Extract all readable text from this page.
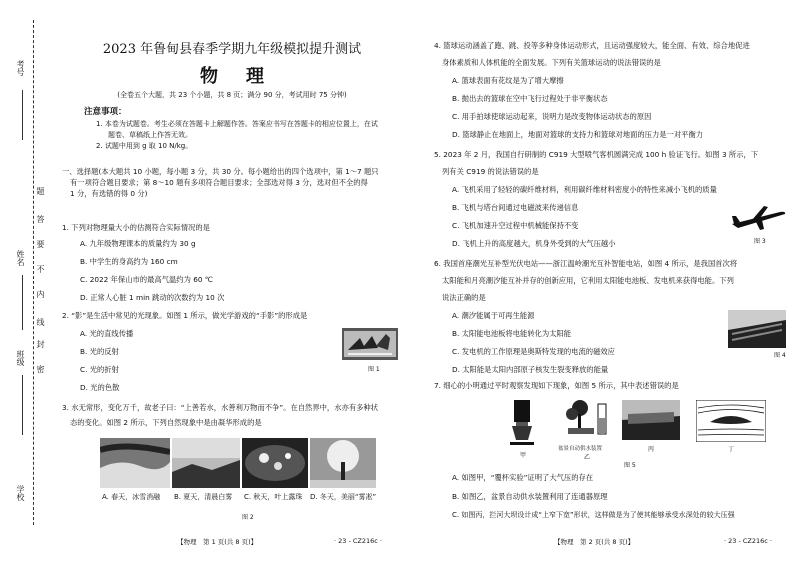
考号
姓名
班级
学校
题
答
要
不
内
线
封
密
2023 年鲁甸县春季学期九年级模拟提升测试
物理
(全卷五个大题，共 23 个小题，共 8 页；满分 90 分，考试用时 75 分钟)
注意事项：
1. 本卷为试题卷。考生必须在答题卡上解题作答。答案应书写在答题卡的相应位置上，在试
题卷、草稿纸上作答无效。
2. 试题中用到 g 取 10 N/kg。
一、选择题(本大题共 10 小题，每小题 3 分，共 30 分。每小题给出的四个选项中，第 1～7 题只
有一项符合题目要求；第 8～10 题有多项符合题目要求；全部选对得 3 分，选对但不全的得
1 分，有选错的得 0 分)
1. 下列对物理量大小的估测符合实际情况的是
A. 九年级物理课本的质量约为 30 g
B. 中学生的身高约为 160 cm
C. 2022 年保山市的最高气温约为 60 ℃
D. 正常人心脏 1 min 跳动的次数约为 10 次
2. “影”是生活中常见的光现象。如图 1 所示，做光学游戏的“手影”的形成是
A. 光的直线传播
B. 光的反射
C. 光的折射
D. 光的色散
图 1
3. 水无常形，变化万千，故老子曰：“上善若水，水善利万物而不争”。在自然界中，水亦有多种状
态的变化。如图 2 所示，下列自然现象中是由凝华形成的是
A. 春天，冰雪消融 B. 夏天，清晨白雾 C. 秋天，叶上露珠 D. 冬天，美丽“雾凇”
图 2
【物理　第 1 页(共 8 页)】	· 23 - CZ216c ·
4. 篮球运动涵盖了跑、跳、投等多种身体运动形式，且运动强度较大，能全面、有效、综合地促进
身体素质和人体机能的全面发展。下列有关篮球运动的说法错误的是
A. 篮球表面有花纹是为了增大摩擦
B. 抛出去的篮球在空中飞行过程处于非平衡状态
C. 用手拍球使球运动起来，说明力是改变物体运动状态的原因
D. 篮球静止在地面上，地面对篮球的支持力和篮球对地面的压力是一对平衡力
5. 2023 年 2 月，我国自行研制的 C919 大型喷气客机圆满完成 100 h 验证飞行。如图 3 所示，下
列有关 C919 的说法错误的是
A. 飞机采用了轻轻的碳纤维材料，利用碳纤维材料密度小的特性来减小飞机的质量
B. 飞机与塔台间通过电磁波来传递信息
C. 飞机加速升空过程中机械能保持不变
D. 飞机上升的高度越大，机身外受到的大气压越小	图 3
6. 我国首座潮光互补型光伏电站——浙江温岭潮光互补智能电站，如图 4 所示，是我国首次将
太阳能和月亮潮汐能互补并存的创新应用，它利用太阳能电池板、发电机来获得电能。下列
说法正确的是
A. 潮汐能属于可再生能源
B. 太阳能电池板将电能转化为太阳能
C. 发电机的工作原理是奥斯特发现的电流的磁效应
D. 太阳能是太阳内部原子核发生裂变释放的能量
图 4
7. 细心的小明通过平时观察发现如下现象，如图 5 所示，其中表述错误的是
盆景自动供水装置
甲	乙
丙	丁
图 5
A. 如图甲，“覆杯实验”证明了大气压的存在
B. 如图乙，盆景自动供水装置利用了连通器原理
C. 如图丙，拦河大坝设计成“上窄下宽”形状，这样做是为了使其能够承受水深处的较大压强
【物理　第 2 页(共 8 页)】	· 23 - CZ216c ·
